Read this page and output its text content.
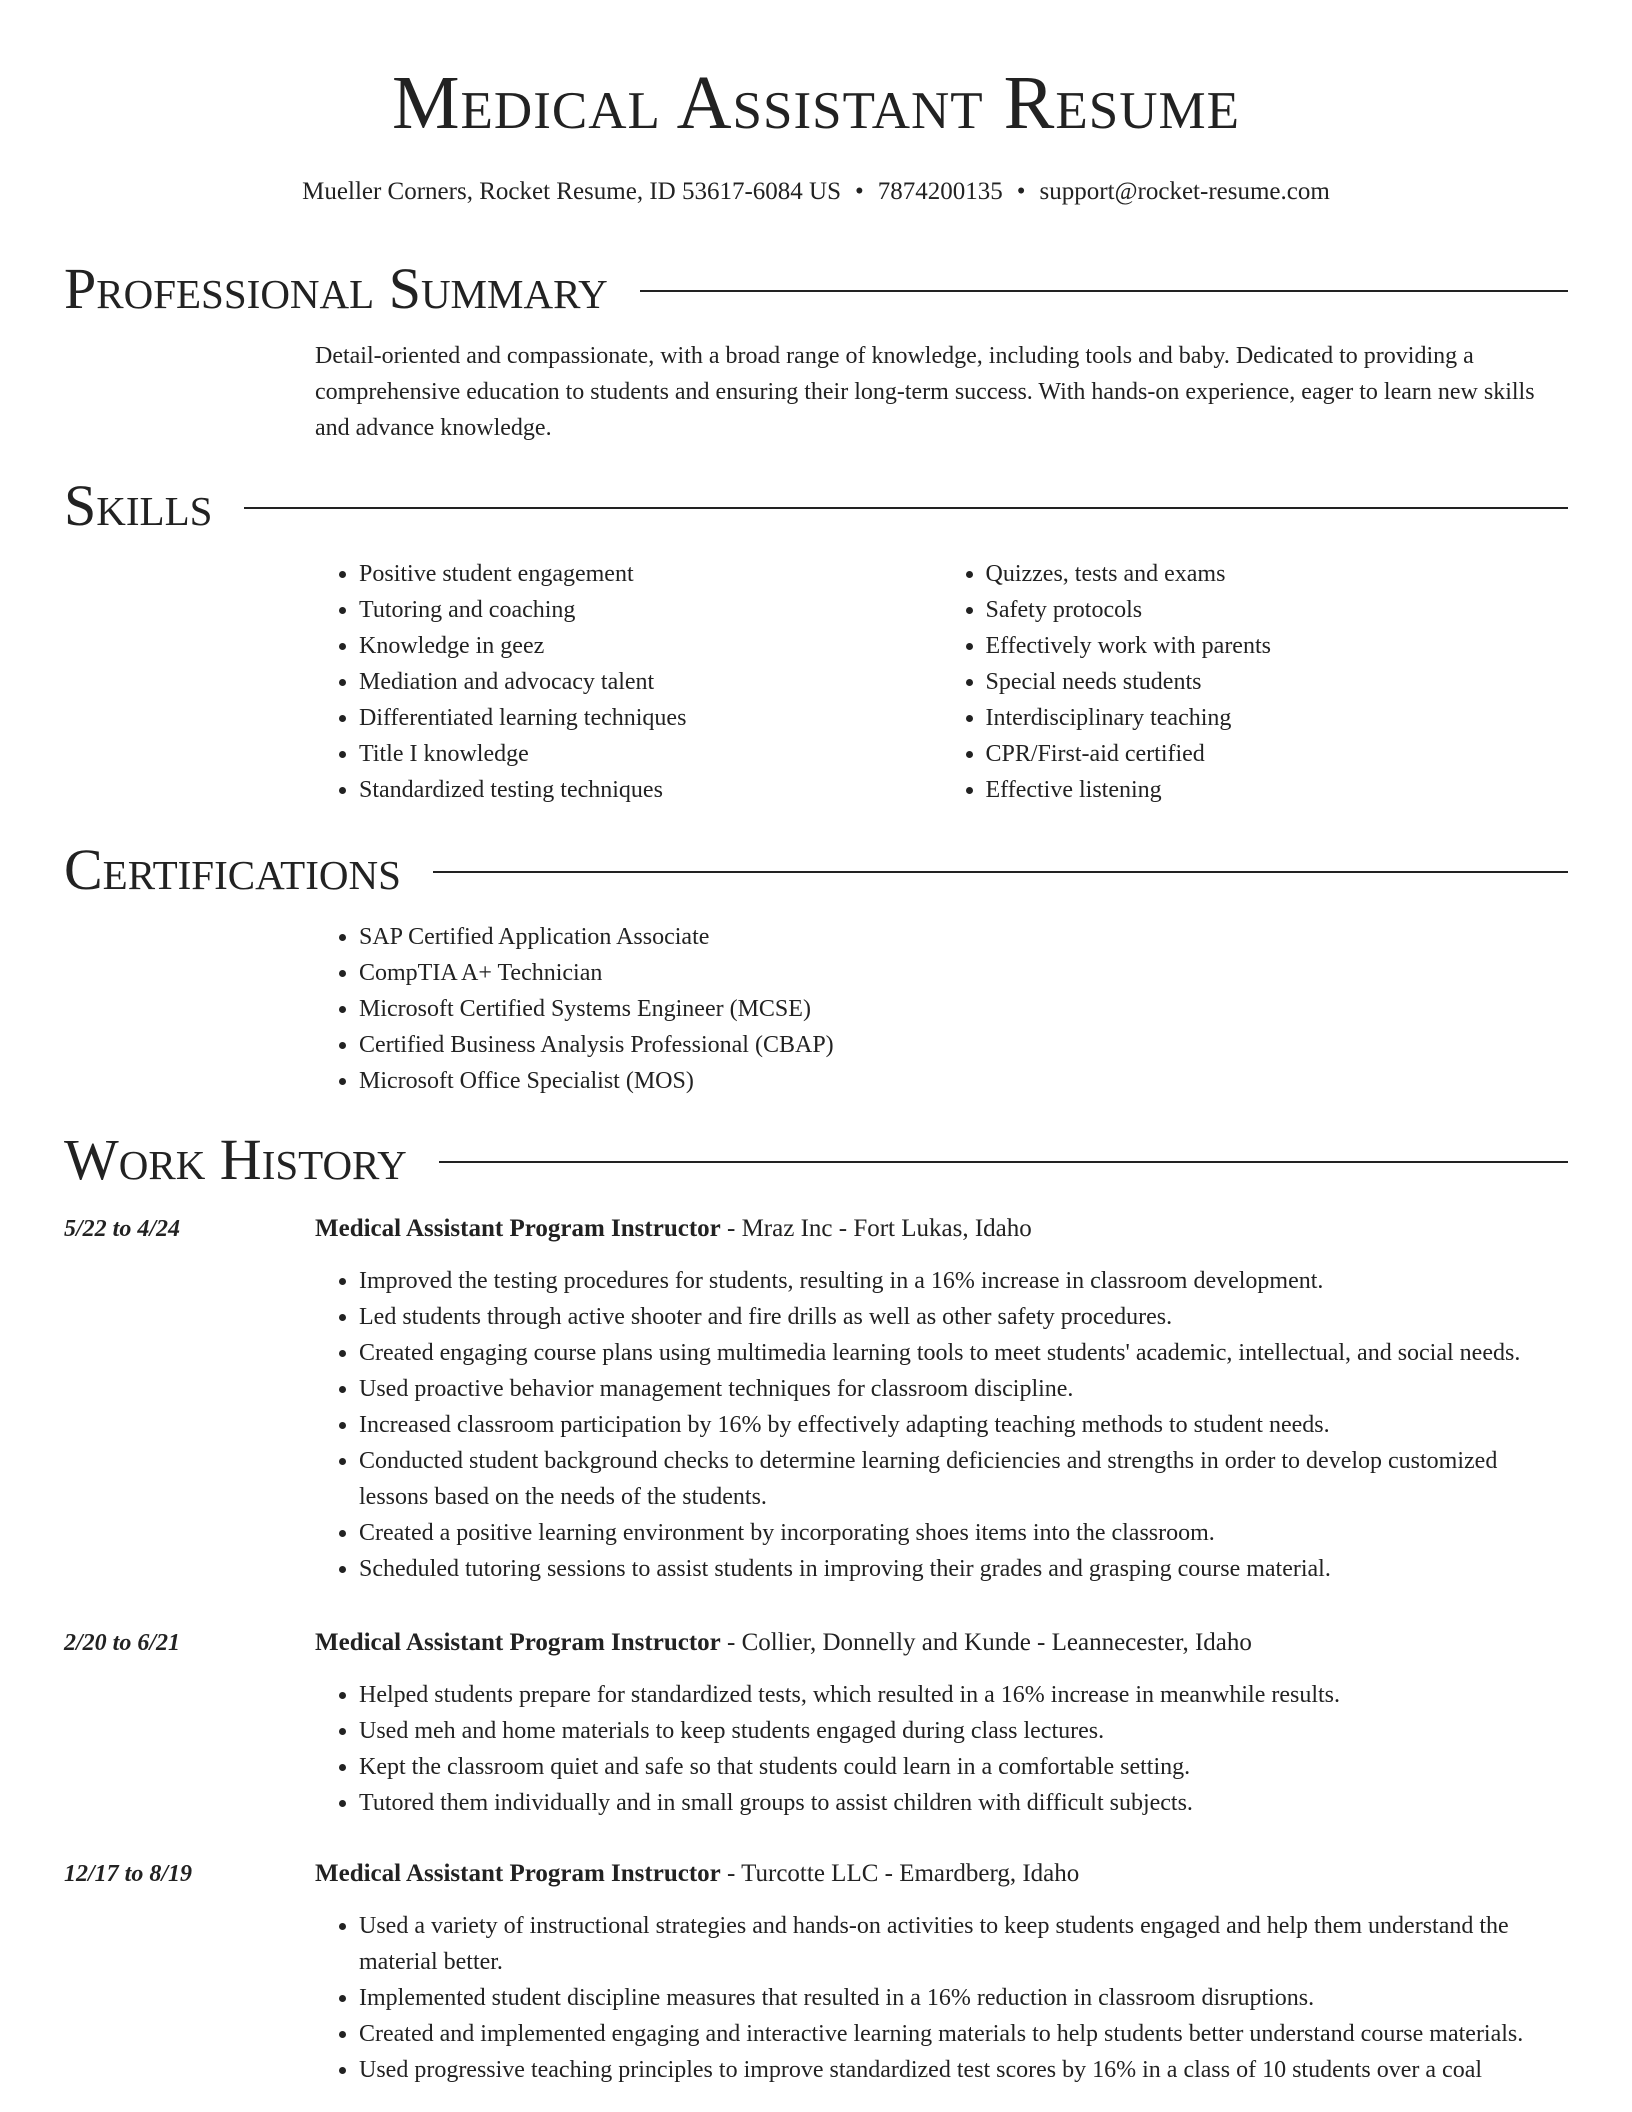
Medical Assistant Resume
Mueller Corners, Rocket Resume, ID 53617-6084 US • 7874200135 • support@rocket-resume.com
Professional Summary

Detail-oriented and compassionate, with a broad range of knowledge, including tools and baby. Dedicated to providing a comprehensive education to students and ensuring their long-term success. With hands-on experience, eager to learn new skills and advance knowledge.

Skills
• Positive student engagement
• Tutoring and coaching
• Knowledge in geez
• Mediation and advocacy talent
• Differentiated learning techniques
• Title I knowledge
• Standardized testing techniques
• Quizzes, tests and exams
• Safety protocols
• Effectively work with parents
• Special needs students
• Interdisciplinary teaching
• CPR/First-aid certified
• Effective listening
Certifications
• SAP Certified Application Associate
• CompTIA A+ Technician
• Microsoft Certified Systems Engineer (MCSE)
• Certified Business Analysis Professional (CBAP)
• Microsoft Office Specialist (MOS)
Work History
5/22 to 4/24	Medical Assistant Program Instructor - Mraz Inc - Fort Lukas, Idaho
• Improved the testing procedures for students, resulting in a 16% increase in classroom development.
• Led students through active shooter and fire drills as well as other safety procedures.
• Created engaging course plans using multimedia learning tools to meet students' academic, intellectual, and social needs.
• Used proactive behavior management techniques for classroom discipline.
• Increased classroom participation by 16% by effectively adapting teaching methods to student needs.
• Conducted student background checks to determine learning deficiencies and strengths in order to develop customized lessons based on the needs of the students.
• Created a positive learning environment by incorporating shoes items into the classroom.
• Scheduled tutoring sessions to assist students in improving their grades and grasping course material.
2/20 to 6/21	Medical Assistant Program Instructor - Collier, Donnelly and Kunde - Leannecester, Idaho
• Helped students prepare for standardized tests, which resulted in a 16% increase in meanwhile results.
• Used meh and home materials to keep students engaged during class lectures.
• Kept the classroom quiet and safe so that students could learn in a comfortable setting.
• Tutored them individually and in small groups to assist children with difficult subjects.
12/17 to 8/19	Medical Assistant Program Instructor - Turcotte LLC - Emardberg, Idaho
• Used a variety of instructional strategies and hands-on activities to keep students engaged and help them understand the material better.
• Implemented student discipline measures that resulted in a 16% reduction in classroom disruptions.
• Created and implemented engaging and interactive learning materials to help students better understand course materials.
• Used progressive teaching principles to improve standardized test scores by 16% in a class of 10 students over a coal
